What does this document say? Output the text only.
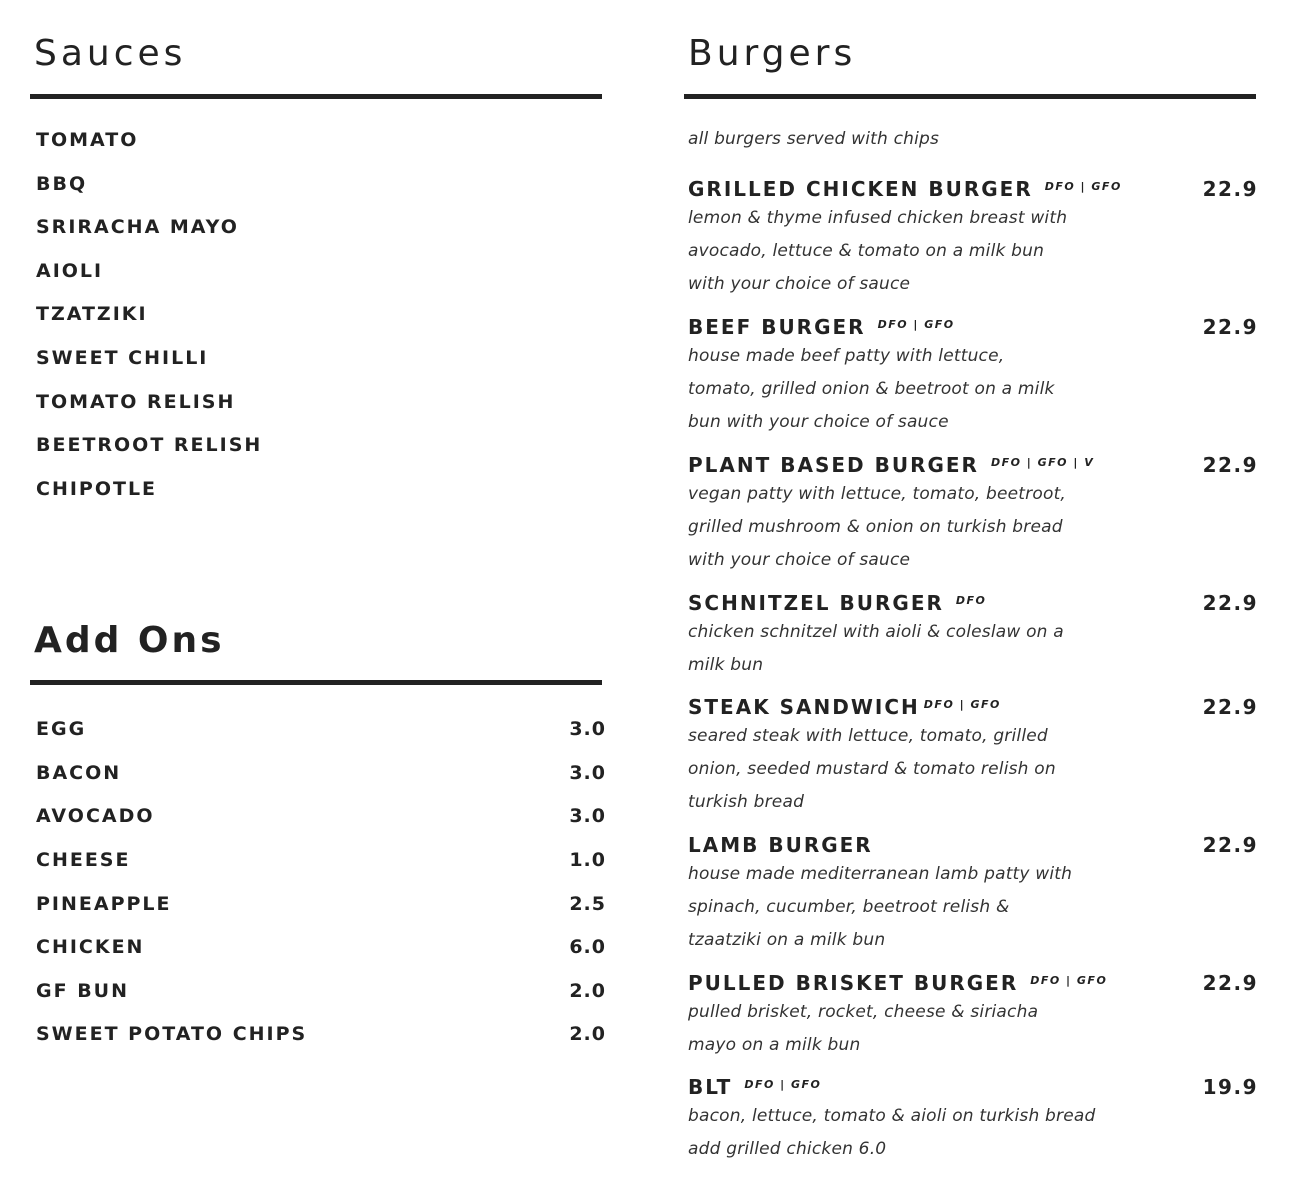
Sauces
TOMATO
BBQ
SRIRACHA MAYO
AIOLI
TZATZIKI
SWEET CHILLI
TOMATO RELISH
BEETROOT RELISH
CHIPOTLE
Add Ons
EGG	3.0
BACON	3.0
AVOCADO	3.0
CHEESE	1.0
PINEAPPLE	2.5
CHICKEN	6.0
GF BUN	2.0
SWEET POTATO CHIPS	2.0
Burgers
all burgers served with chips
GRILLED CHICKEN BURGER DFO | GFO	22.9
lemon & thyme infused chicken breast with
avocado, lettuce & tomato on a milk bun
with your choice of sauce
BEEF BURGER DFO | GFO	22.9
house made beef patty with lettuce,
tomato, grilled onion & beetroot on a milk
bun with your choice of sauce
PLANT BASED BURGER DFO | GFO | V	22.9
vegan patty with lettuce, tomato, beetroot,
grilled mushroom & onion on turkish bread
with your choice of sauce
SCHNITZEL BURGER DFO	22.9
chicken schnitzel with aioli & coleslaw on a
milk bun
STEAK SANDWICH DFO | GFO	22.9
seared steak with lettuce, tomato, grilled
onion, seeded mustard & tomato relish on
turkish bread
LAMB BURGER	22.9
house made mediterranean lamb patty with
spinach, cucumber, beetroot relish &
tzaatziki on a milk bun
PULLED BRISKET BURGER DFO | GFO	22.9
pulled brisket, rocket, cheese & siriacha
mayo on a milk bun
BLT DFO | GFO	19.9
bacon, lettuce, tomato & aioli on turkish bread
add grilled chicken 6.0
